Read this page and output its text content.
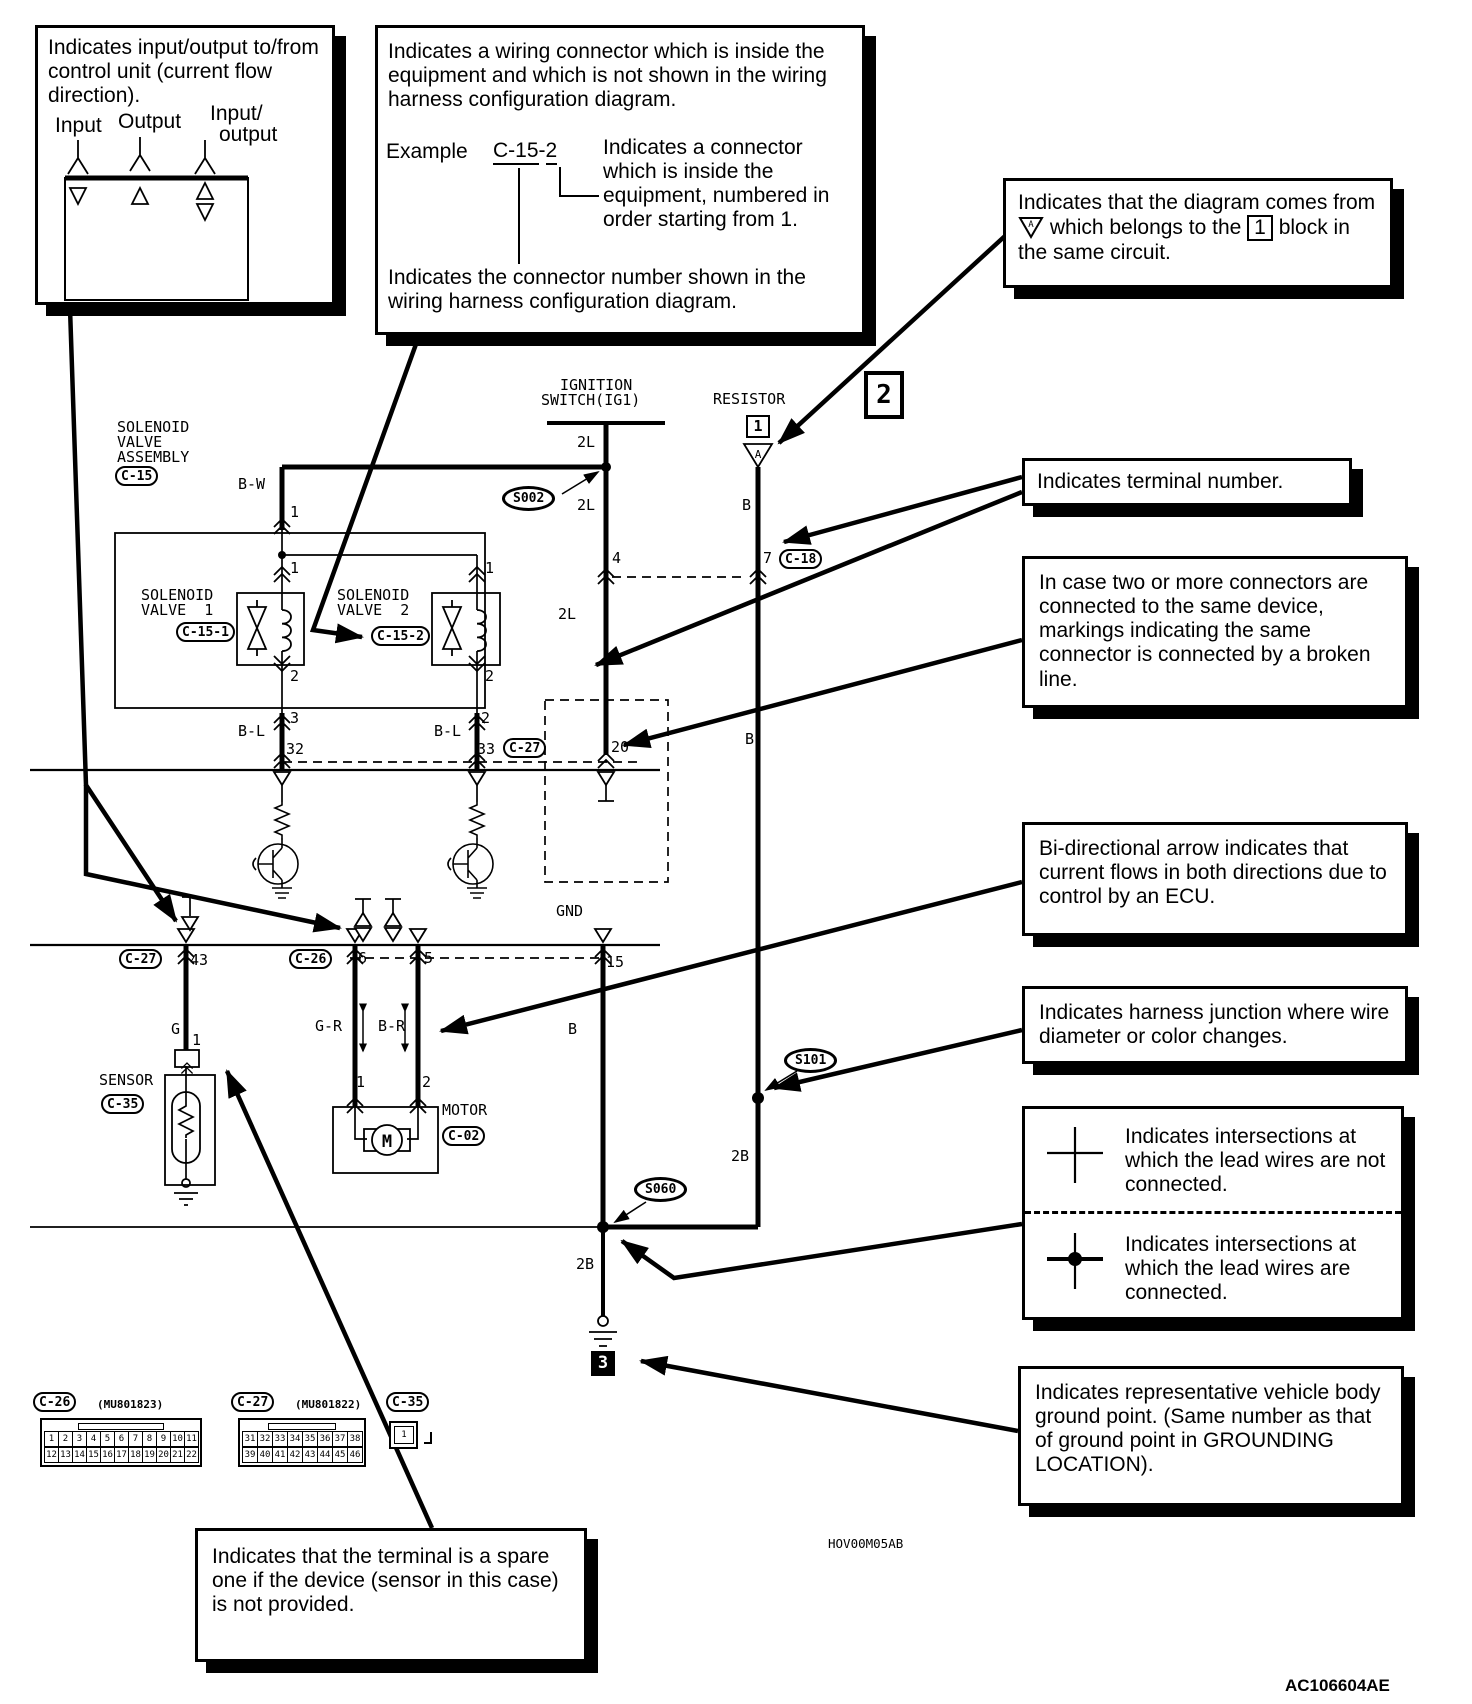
A
M
IGNITION
SWITCH(IG1)	RESISTOR
2L
2L
2L
B
B
4	7
20
SOLENOID
VALVE
ASSEMBLY
B-W
1
SOLENOID
VALVE  1
SOLENOID
VALVE  2
1
2
1
2
3
32
B-L
2
33
B-L
GND
43	6	5	15
G
1
SENSOR
G-R B-R	B
1	2
MOTOR
2B
2B
HOV00M05AB
C-15
C-15-1	C-15-2
C-18
C-27
C-27	C-26
C-35
C-02
S002
S101
S060
1
2
3
Indicates input/output to/from control unit (current flow direction).
Input Output Input/
output
Indicates a wiring connector which is inside the equipment and which is not shown in the wiring harness configuration diagram.
Example C-15-2 Indicates a connector which is inside the equipment, numbered in order starting from 1.
Indicates the connector number shown in the wiring harness configuration diagram.
Indicates that the diagram comes from
A which belongs to the 1 block in the same circuit.
Indicates terminal number.
In case two or more connectors are connected to the same device, markings indicating the same connector is connected by a broken line.
Bi-directional arrow indicates that current flows in both directions due to control by an ECU.
Indicates harness junction where wire diameter or color changes.
Indicates intersections at which the lead wires are not connected.
Indicates intersections at which the lead wires are connected.
Indicates representative vehicle body ground point. (Same number as that of ground point in GROUNDING LOCATION).
Indicates that the terminal is a spare one if the device (sensor in this case) is not provided.
C-26	(MU801823)
1 2 3 4 5 6 7 8 9 10 11
12 13 14 15 16 17 18 19 20 21 22
C-27	(MU801822)
31 32 33 34 35 36 37 38
39 40 41 42 43 44 45 46
C-35
1
AC106604AE
